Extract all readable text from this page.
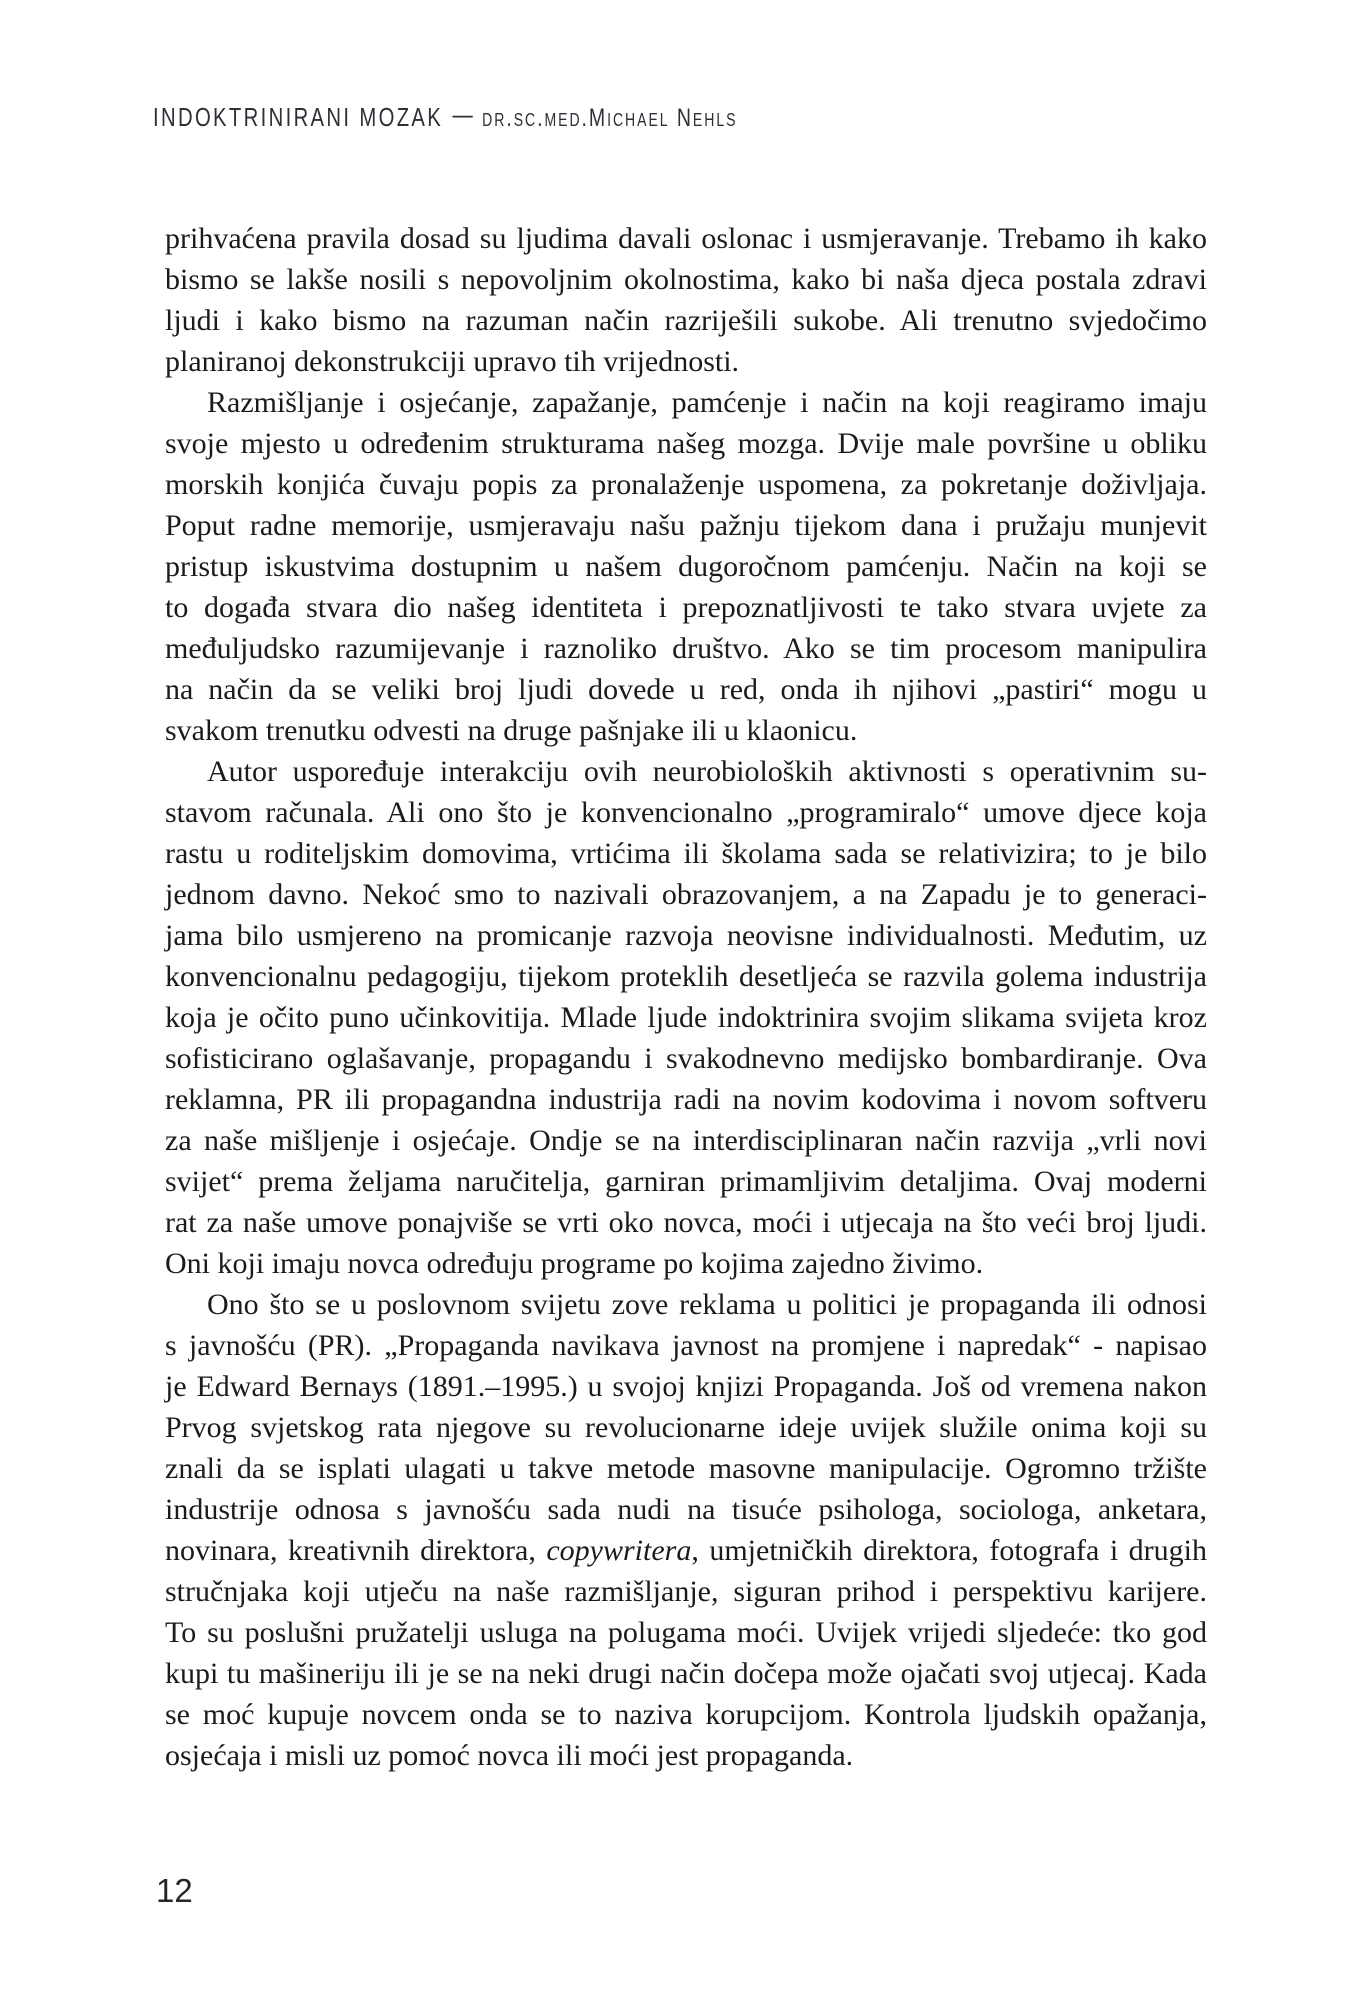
INDOKTRINIRANI MOZAK — dr.sc.med.Michael Nehls
prihvaćena pravila dosad su ljudima davali oslonac i usmjeravanje. Trebamo ih kako
bismo se lakše nosili s nepovoljnim okolnostima, kako bi naša djeca postala zdravi
ljudi i kako bismo na razuman način razriješili sukobe. Ali trenutno svjedočimo
planiranoj dekonstrukciji upravo tih vrijednosti.
Razmišljanje i osjećanje, zapažanje, pamćenje i način na koji reagiramo imaju
svoje mjesto u određenim strukturama našeg mozga. Dvije male površine u obliku
morskih konjića čuvaju popis za pronalaženje uspomena, za pokretanje doživljaja.
Poput radne memorije, usmjeravaju našu pažnju tijekom dana i pružaju munjevit
pristup iskustvima dostupnim u našem dugoročnom pamćenju. Način na koji se
to događa stvara dio našeg identiteta i prepoznatljivosti te tako stvara uvjete za
međuljudsko razumijevanje i raznoliko društvo. Ako se tim procesom manipulira
na način da se veliki broj ljudi dovede u red, onda ih njihovi „pastiri“ mogu u
svakom trenutku odvesti na druge pašnjake ili u klaonicu.
Autor uspoređuje interakciju ovih neurobioloških aktivnosti s operativnim su-
stavom računala. Ali ono što je konvencionalno „programiralo“ umove djece koja
rastu u roditeljskim domovima, vrtićima ili školama sada se relativizira; to je bilo
jednom davno. Nekoć smo to nazivali obrazovanjem, a na Zapadu je to generaci-
jama bilo usmjereno na promicanje razvoja neovisne individualnosti. Međutim, uz
konvencionalnu pedagogiju, tijekom proteklih desetljeća se razvila golema industrija
koja je očito puno učinkovitija. Mlade ljude indoktrinira svojim slikama svijeta kroz
sofisticirano oglašavanje, propagandu i svakodnevno medijsko bombardiranje. Ova
reklamna, PR ili propagandna industrija radi na novim kodovima i novom softveru
za naše mišljenje i osjećaje. Ondje se na interdisciplinaran način razvija „vrli novi
svijet“ prema željama naručitelja, garniran primamljivim detaljima. Ovaj moderni
rat za naše umove ponajviše se vrti oko novca, moći i utjecaja na što veći broj ljudi.
Oni koji imaju novca određuju programe po kojima zajedno živimo.
Ono što se u poslovnom svijetu zove reklama u politici je propaganda ili odnosi
s javnošću (PR). „Propaganda navikava javnost na promjene i napredak“ - napisao
je Edward Bernays (1891.–1995.) u svojoj knjizi Propaganda. Još od vremena nakon
Prvog svjetskog rata njegove su revolucionarne ideje uvijek služile onima koji su
znali da se isplati ulagati u takve metode masovne manipulacije. Ogromno tržište
industrije odnosa s javnošću sada nudi na tisuće psihologa, sociologa, anketara,
novinara, kreativnih direktora, copywritera, umjetničkih direktora, fotografa i drugih
stručnjaka koji utječu na naše razmišljanje, siguran prihod i perspektivu karijere.
To su poslušni pružatelji usluga na polugama moći. Uvijek vrijedi sljedeće: tko god
kupi tu mašineriju ili je se na neki drugi način dočepa može ojačati svoj utjecaj. Kada
se moć kupuje novcem onda se to naziva korupcijom. Kontrola ljudskih opažanja,
osjećaja i misli uz pomoć novca ili moći jest propaganda.
12
